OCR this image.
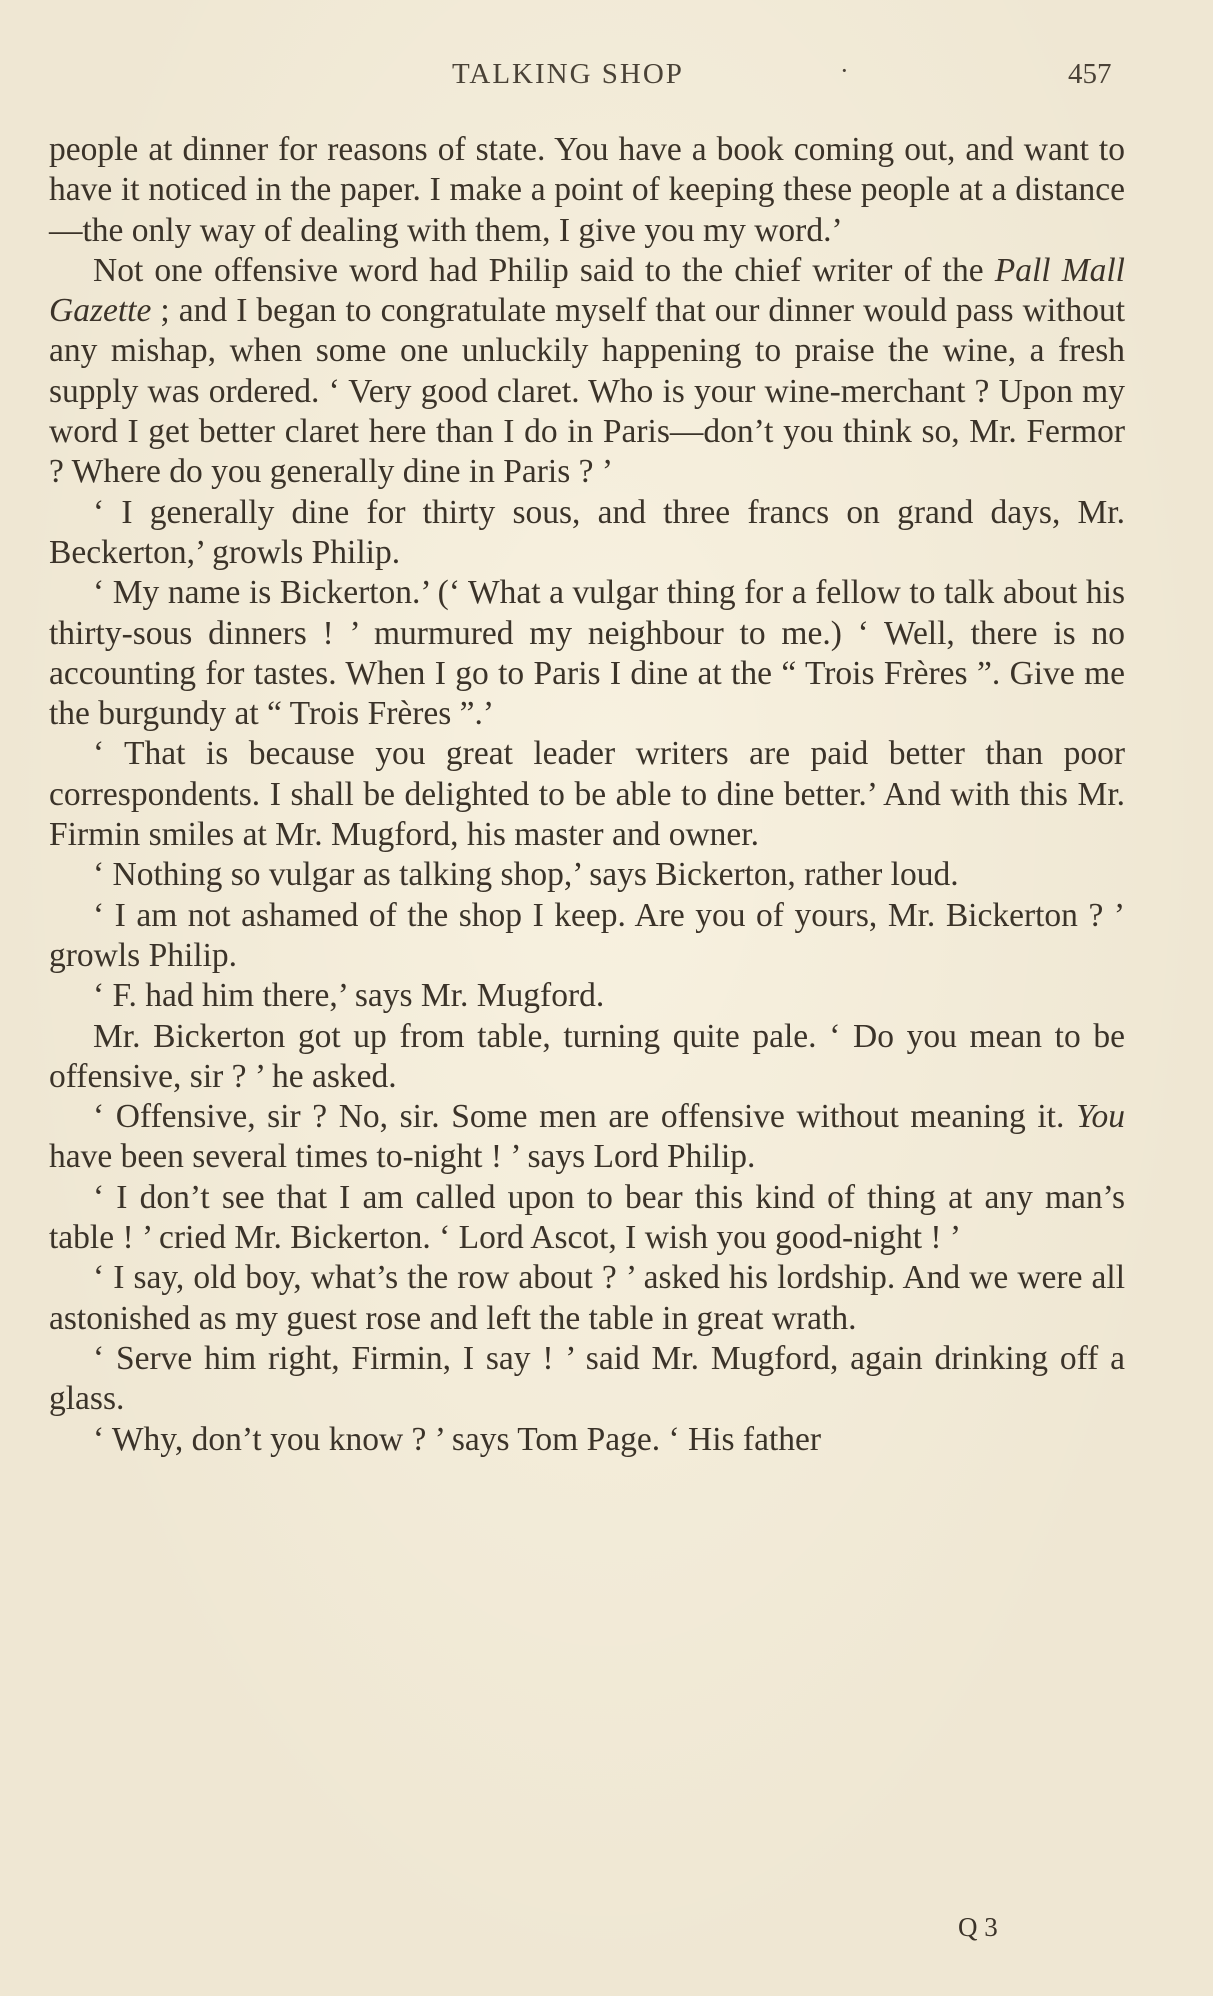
TALKING SHOP	·	457

people at dinner for reasons of state. You have a book coming out, and want to have it noticed in the paper. I make a point of keeping these people at a distance—the only way of dealing with them, I give you my word.’

Not one offensive word had Philip said to the chief writer of the Pall Mall Gazette ; and I began to congratulate myself that our dinner would pass without any mishap, when some one unluckily happening to praise the wine, a fresh supply was ordered. ‘ Very good claret. Who is your wine-merchant ? Upon my word I get better claret here than I do in Paris—don’t you think so, Mr. Fermor ? Where do you generally dine in Paris ? ’

‘ I generally dine for thirty sous, and three francs on grand days, Mr. Beckerton,’ growls Philip.

‘ My name is Bickerton.’ (‘ What a vulgar thing for a fellow to talk about his thirty-sous dinners ! ’ murmured my neighbour to me.) ‘ Well, there is no accounting for tastes. When I go to Paris I dine at the “ Trois Frères ”. Give me the burgundy at “ Trois Frères ”.’

‘ That is because you great leader writers are paid better than poor correspondents. I shall be delighted to be able to dine better.’ And with this Mr. Firmin smiles at Mr. Mugford, his master and owner.

‘ Nothing so vulgar as talking shop,’ says Bickerton, rather loud.

‘ I am not ashamed of the shop I keep. Are you of yours, Mr. Bickerton ? ’ growls Philip.

‘ F. had him there,’ says Mr. Mugford.

Mr. Bickerton got up from table, turning quite pale. ‘ Do you mean to be offensive, sir ? ’ he asked.

‘ Offensive, sir ? No, sir. Some men are offensive without meaning it. You have been several times to-night ! ’ says Lord Philip.

‘ I don’t see that I am called upon to bear this kind of thing at any man’s table ! ’ cried Mr. Bickerton. ‘ Lord Ascot, I wish you good-night ! ’

‘ I say, old boy, what’s the row about ? ’ asked his lordship. And we were all astonished as my guest rose and left the table in great wrath.

‘ Serve him right, Firmin, I say ! ’ said Mr. Mugford, again drinking off a glass.

‘ Why, don’t you know ? ’ says Tom Page. ‘ His father

Q 3
